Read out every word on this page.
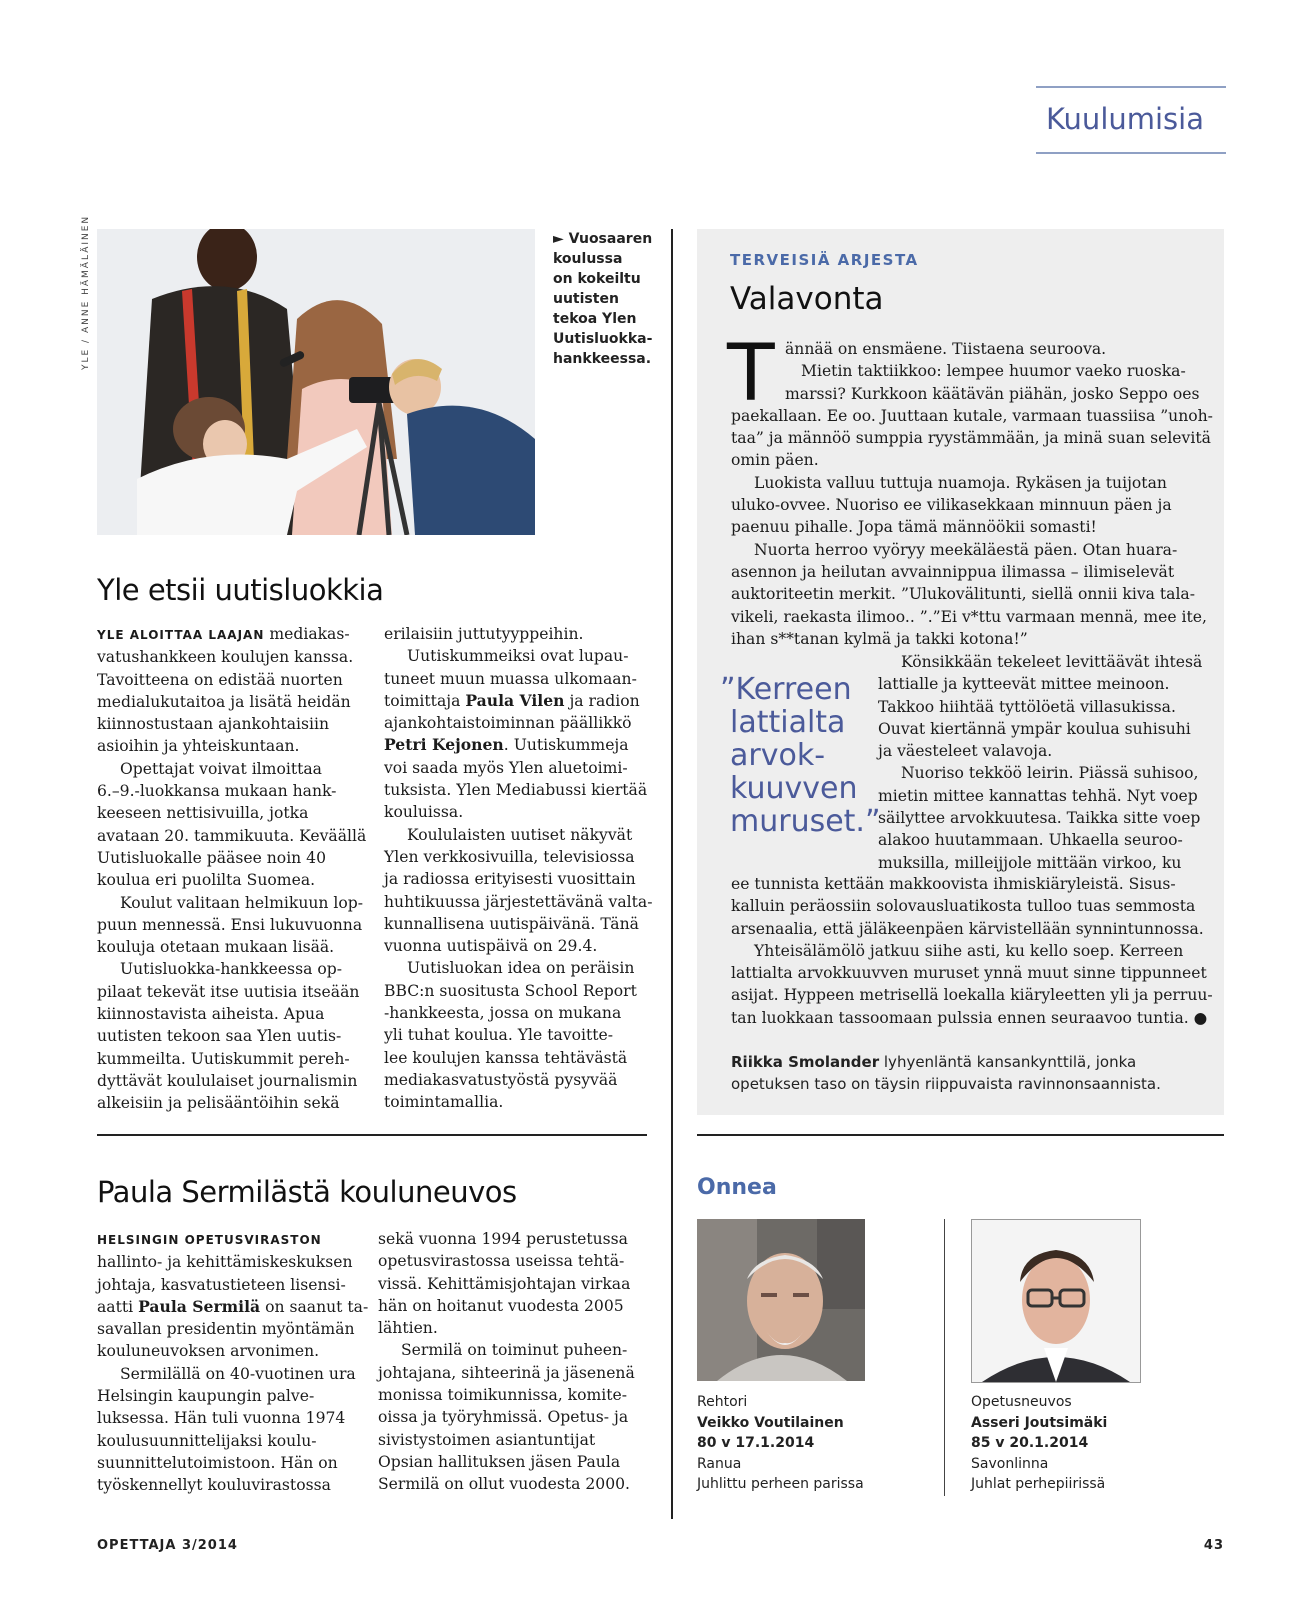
Kuulumisia
YLE / ANNE HÄMÄLÄINEN	► Vuosaaren
koulussa
on kokeiltu
uutisten
tekoa Ylen
Uutisluokka-
hankkeessa.
Yle etsii uutisluokkia
YLE ALOITTAA LAAJAN mediakas-
vatushankkeen koulujen kanssa.
Tavoitteena on edistää nuorten
medialukutaitoa ja lisätä heidän
kiinnostustaan ajankohtaisiin
asioihin ja yhteiskuntaan.
Opettajat voivat ilmoittaa
6.–9.-luokkansa mukaan hank-
keeseen nettisivuilla, jotka
avataan 20. tammikuuta. Keväällä
Uutisluokalle pääsee noin 40
koulua eri puolilta Suomea.
Koulut valitaan helmikuun lop-
puun mennessä. Ensi lukuvuonna
kouluja otetaan mukaan lisää.
Uutisluokka-hankkeessa op-
pilaat tekevät itse uutisia itseään
kiinnostavista aiheista. Apua
uutisten tekoon saa Ylen uutis-
kummeilta. Uutiskummit pereh-
dyttävät koululaiset journalismin
alkeisiin ja pelisääntöihin sekä
erilaisiin juttutyyppeihin.
Uutiskummeiksi ovat lupau-
tuneet muun muassa ulkomaan-
toimittaja Paula Vilen ja radion
ajankohtaistoiminnan päällikkö
Petri Kejonen. Uutiskummeja
voi saada myös Ylen aluetoimi-
tuksista. Ylen Mediabussi kiertää
kouluissa.
Koululaisten uutiset näkyvät
Ylen verkkosivuilla, televisiossa
ja radiossa erityisesti vuosittain
huhtikuussa järjestettävänä valta-
kunnallisena uutispäivänä. Tänä
vuonna uutispäivä on 29.4.
Uutisluokan idea on peräisin
BBC:n suositusta School Report
-hankkeesta, jossa on mukana
yli tuhat koulua. Yle tavoitte-
lee koulujen kanssa tehtävästä
mediakasvatustyöstä pysyvää
toimintamallia.
Paula Sermilästä kouluneuvos
HELSINGIN OPETUSVIRASTON
hallinto- ja kehittämiskeskuksen
johtaja, kasvatustieteen lisensi-
aatti Paula Sermilä on saanut ta-
savallan presidentin myöntämän
kouluneuvoksen arvonimen.
Sermilällä on 40-vuotinen ura
Helsingin kaupungin palve-
luksessa. Hän tuli vuonna 1974
koulusuunnittelijaksi koulu-
suunnittelutoimistoon. Hän on
työskennellyt kouluvirastossa
sekä vuonna 1994 perustetussa
opetusvirastossa useissa tehtä-
vissä. Kehittämisjohtajan virkaa
hän on hoitanut vuodesta 2005
lähtien.
Sermilä on toiminut puheen-
johtajana, sihteerinä ja jäsenenä
monissa toimikunnissa, komite-
oissa ja työryhmissä. Opetus- ja
sivistystoimen asiantuntijat
Opsian hallituksen jäsen Paula
Sermilä on ollut vuodesta 2000.
TERVEISIÄ ARJESTA
Valavonta
T ännää on ensmäene. Tiistaena seuroova.
Mietin taktiikkoo: lempee huumor vaeko ruoska-
marssi? Kurkkoon käätävän piähän, josko Seppo oes
paekallaan. Ee oo. Juuttaan kutale, varmaan tuassiisa ”unoh-
taa” ja männöö sumppia ryystämmään, ja minä suan selevitä
omin päen.
Luokista valluu tuttuja nuamoja. Rykäsen ja tuijotan
uluko-ovvee. Nuoriso ee vilikasekkaan minnuun päen ja
paenuu pihalle. Jopa tämä männöökii somasti!
Nuorta herroo vyöryy meekäläestä päen. Otan huara-
asennon ja heilutan avvainnippua ilimassa – ilimiselevät
auktoriteetin merkit. ”Ulukovälitunti, siellä onnii kiva tala-
vikeli, raekasta ilimoo.. ”.”Ei v*ttu varmaan mennä, mee ite,
ihan s**tanan kylmä ja takki kotona!”
Könsikkään tekeleet levittäävät ihtesä
lattialle ja kytteevät mittee meinoon.
Takkoo hiihtää tyttölöetä villasukissa.
Ouvat kiertännä ympär koulua suhisuhi
ja väesteleet valavoja.
Nuoriso tekköö leirin. Piässä suhisoo,
mietin mittee kannattas tehhä. Nyt voep
säilyttee arvokkuutesa. Taikka sitte voep
alakoo huutammaan. Uhkaella seuroo-
muksilla, milleijjole mittään virkoo, ku
ee tunnista kettään makkoovista ihmiskiäryleistä. Sisus-
kalluin peräossiin solovausluatikosta tulloo tuas semmosta
arsenaalia, että jäläkeenpäen kärvistellään synnintunnossa.
Yhteisälämölö jatkuu siihe asti, ku kello soep. Kerreen
lattialta arvokkuuvven muruset ynnä muut sinne tippunneet
asijat. Hyppeen metrisellä loekalla kiäryleetten yli ja perruu-
tan luokkaan tassoomaan pulssia ennen seuraavoo tuntia. ●
”Kerreen
lattialta
arvok-
kuuvven
muruset.”
Riikka Smolander lyhyenläntä kansankynttilä, jonka
opetuksen taso on täysin riippuvaista ravinnonsaannista.
Onnea
Rehtori
Veikko Voutilainen
80 v 17.1.2014
Ranua
Juhlittu perheen parissa
Opetusneuvos
Asseri Joutsimäki
85 v 20.1.2014
Savonlinna
Juhlat perhepiirissä
OPETTAJA 3/2014	43
